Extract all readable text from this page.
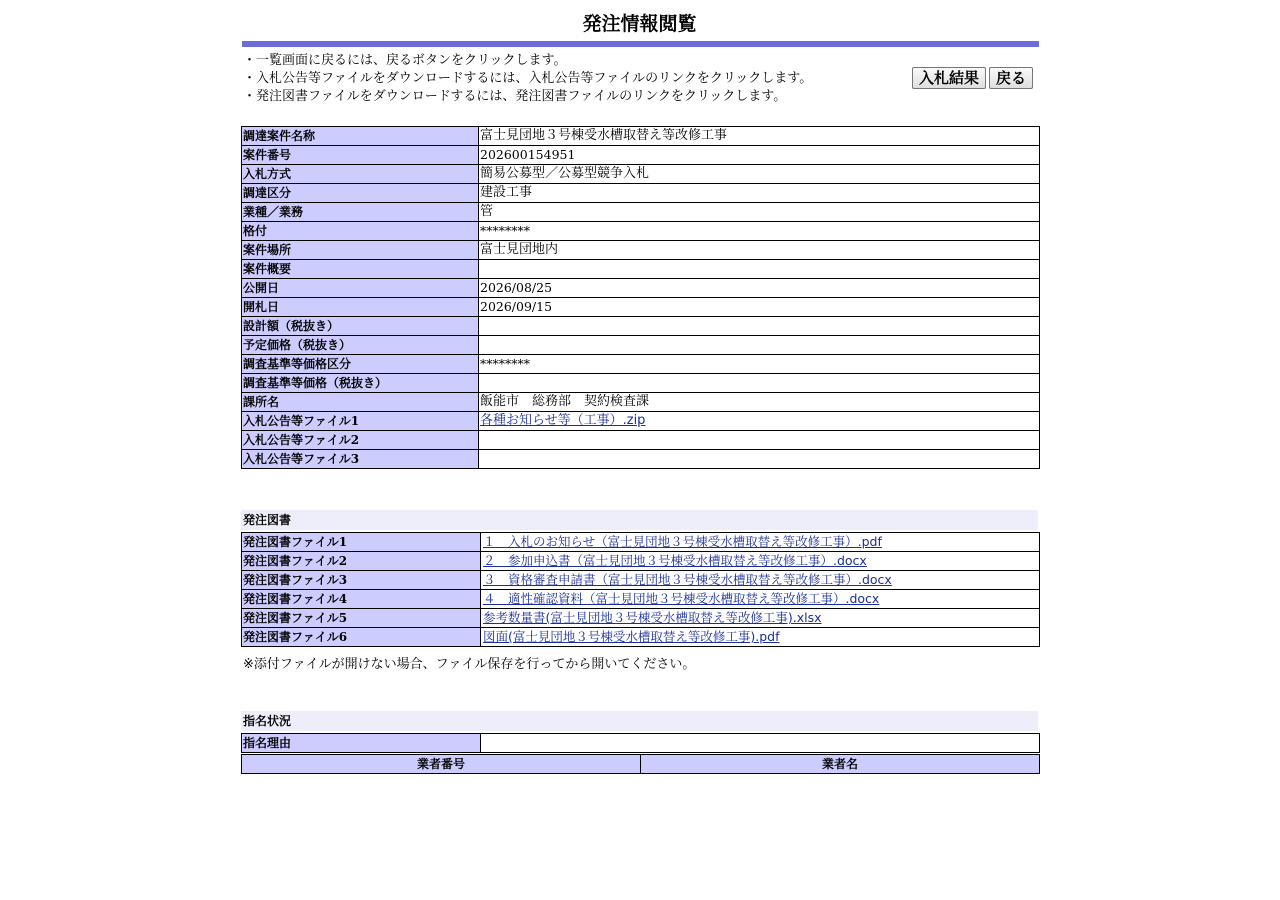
発注情報閲覧
・一覧画面に戻るには、戻るボタンをクリックします。
・入札公告等ファイルをダウンロードするには、入札公告等ファイルのリンクをクリックします。
・発注図書ファイルをダウンロードするには、発注図書ファイルのリンクをクリックします。
入札結果 戻る
調達案件名称	富士見団地３号棟受水槽取替え等改修工事
案件番号	202600154951
入札方式	簡易公募型／公募型競争入札
調達区分	建設工事
業種／業務	管
格付	********
案件場所	富士見団地内
案件概要	
公開日	2026/08/25
開札日	2026/09/15
設計額（税抜き）	
予定価格（税抜き）	
調査基準等価格区分	********
調査基準等価格（税抜き）	
課所名	飯能市　総務部　契約検査課
入札公告等ファイル1	各種お知らせ等（工事）.zip
入札公告等ファイル2	
入札公告等ファイル3	
発注図書
発注図書ファイル1	１　入札のお知らせ（富士見団地３号棟受水槽取替え等改修工事）.pdf
発注図書ファイル2	２　参加申込書（富士見団地３号棟受水槽取替え等改修工事）.docx
発注図書ファイル3	３　資格審査申請書（富士見団地３号棟受水槽取替え等改修工事）.docx
発注図書ファイル4	４　適性確認資料（富士見団地３号棟受水槽取替え等改修工事）.docx
発注図書ファイル5	参考数量書(富士見団地３号棟受水槽取替え等改修工事).xlsx
発注図書ファイル6	図面(富士見団地３号棟受水槽取替え等改修工事).pdf
※添付ファイルが開けない場合、ファイル保存を行ってから開いてください。
指名状況
指名理由	
業者番号	業者名
